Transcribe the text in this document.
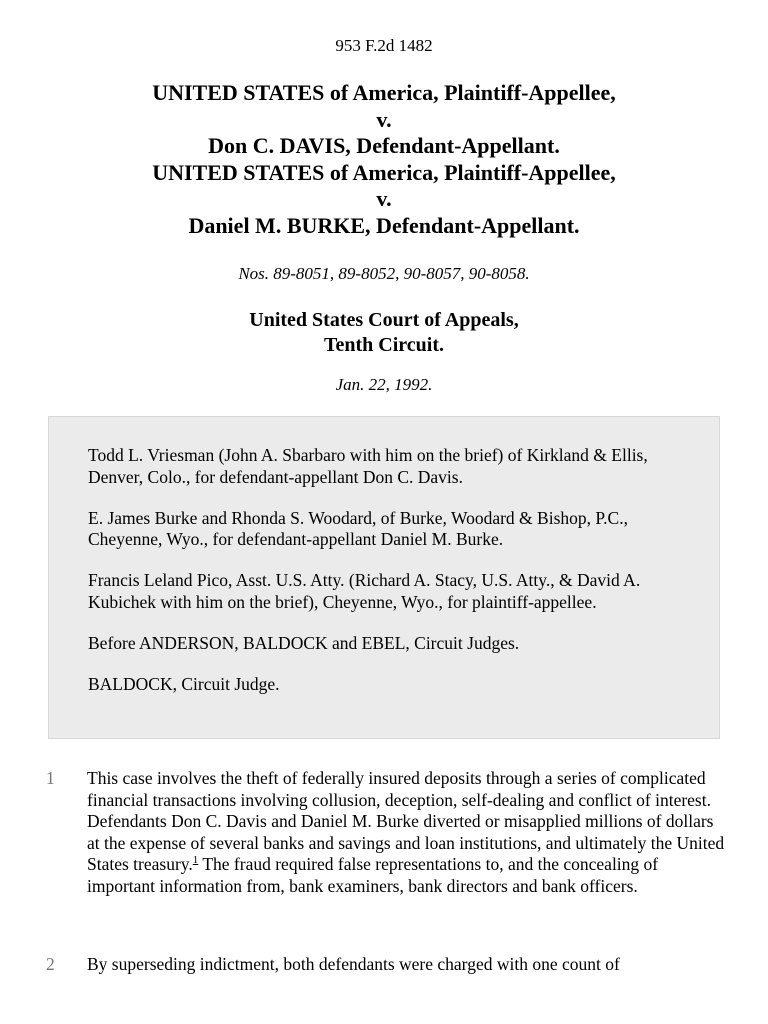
953 F.2d 1482
UNITED STATES of America, Plaintiff-Appellee,
v.
Don C. DAVIS, Defendant-Appellant.
UNITED STATES of America, Plaintiff-Appellee,
v.
Daniel M. BURKE, Defendant-Appellant.
Nos. 89-8051, 89-8052, 90-8057, 90-8058.
United States Court of Appeals,
Tenth Circuit.
Jan. 22, 1992.

Todd L. Vriesman (John A. Sbarbaro with him on the brief) of Kirkland & Ellis, Denver, Colo., for defendant-appellant Don C. Davis.

E. James Burke and Rhonda S. Woodard, of Burke, Woodard & Bishop, P.C., Cheyenne, Wyo., for defendant-appellant Daniel M. Burke.

Francis Leland Pico, Asst. U.S. Atty. (Richard A. Stacy, U.S. Atty., & David A. Kubichek with him on the brief), Cheyenne, Wyo., for plaintiff-appellee.

Before ANDERSON, BALDOCK and EBEL, Circuit Judges.

BALDOCK, Circuit Judge.

1 This case involves the theft of federally insured deposits through a series of complicated financial transactions involving collusion, deception, self-dealing and conflict of interest. Defendants Don C. Davis and Daniel M. Burke diverted or misapplied millions of dollars at the expense of several banks and savings and loan institutions, and ultimately the United States treasury.$^1$ The fraud required false representations to, and the concealing of important information from, bank examiners, bank directors and bank officers.
2 By superseding indictment, both defendants were charged with one count of
